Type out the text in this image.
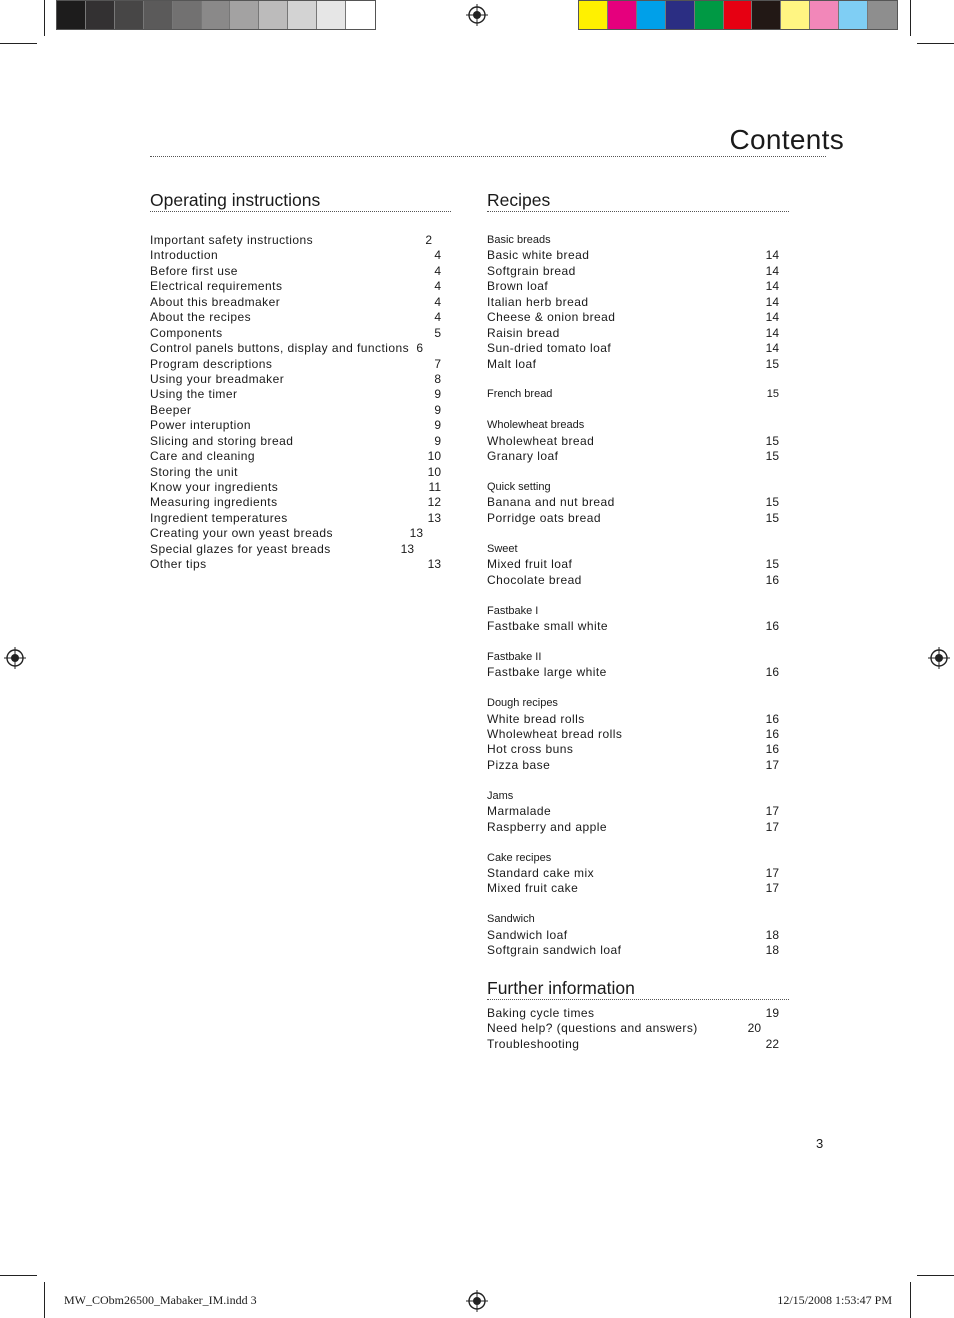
Contents
Operating instructions
Important safety instructions	2
Introduction	4
Before first use	4
Electrical requirements	4
About this breadmaker	4
About the recipes	4
Components	5
Control panels buttons, display and functions 6
Program descriptions	7
Using your breadmaker	8
Using the timer	9
Beeper	9
Power interuption	9
Slicing and storing bread	9
Care and cleaning	10
Storing the unit	10
Know your ingredients	11
Measuring ingredients	12
Ingredient temperatures	13
Creating your own yeast breads	13
Special glazes for yeast breads	13
Other tips	13
Recipes
Basic breads
Basic white bread	14
Softgrain bread	14
Brown loaf	14
Italian herb bread	14
Cheese & onion bread	14
Raisin bread	14
Sun-dried tomato loaf	14
Malt loaf	15
French bread	15
Wholewheat breads
Wholewheat bread	15
Granary loaf	15
Quick setting
Banana and nut bread	15
Porridge oats bread	15
Sweet
Mixed fruit loaf	15
Chocolate bread	16
Fastbake I
Fastbake small white	16
Fastbake II
Fastbake large white	16
Dough recipes
White bread rolls	16
Wholewheat bread rolls	16
Hot cross buns	16
Pizza base	17
Jams
Marmalade	17
Raspberry and apple	17
Cake recipes
Standard cake mix	17
Mixed fruit cake	17
Sandwich
Sandwich loaf	18
Softgrain sandwich loaf	18
Further information
Baking cycle times	19
Need help? (questions and answers)	20
Troubleshooting	22
3
MW_CObm26500_Mabaker_IM.indd 3	12/15/2008 1:53:47 PM
